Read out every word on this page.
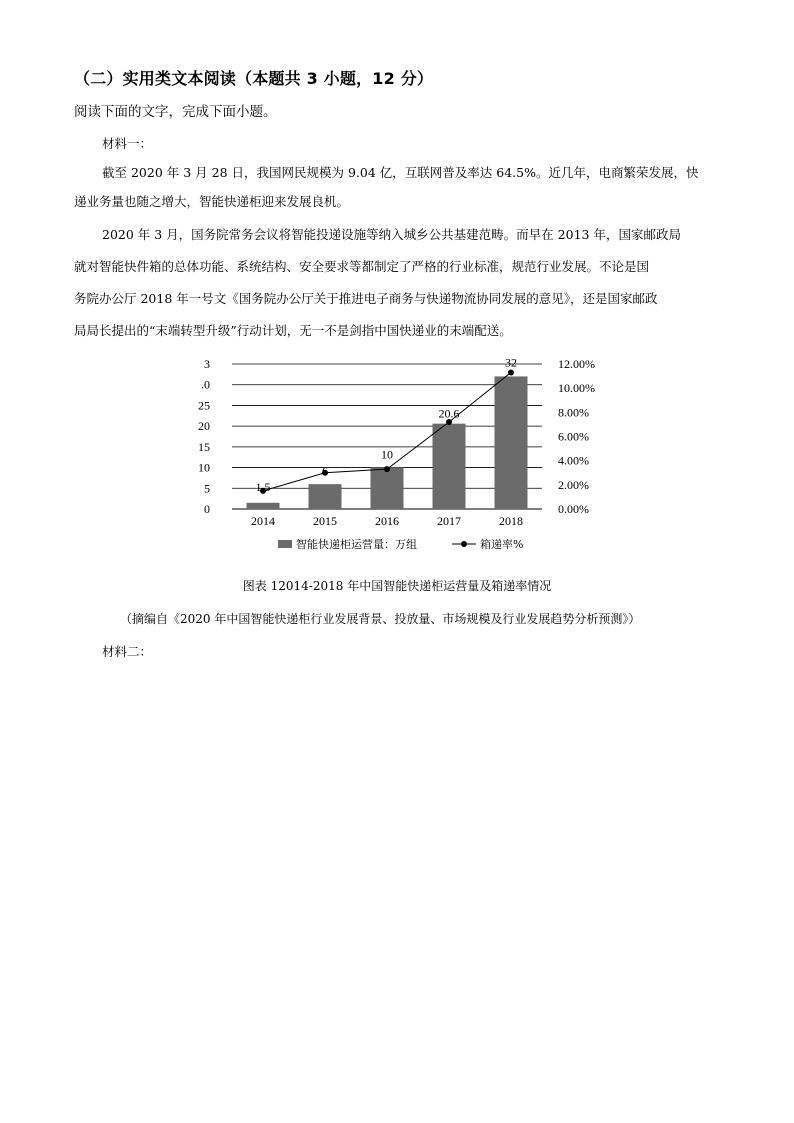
（二）实用类文本阅读（本题共 3 小题，12 分）
阅读下面的文字，完成下面小题。
材料一：
截至 2020 年 3 月 28 日，我国网民规模为 9.04 亿，互联网普及率达 64.5%。近几年，电商繁荣发展，快
递业务量也随之增大，智能快递柜迎来发展良机。
2020 年 3 月，国务院常务会议将智能投递设施等纳入城乡公共基建范畴。而早在 2013 年，国家邮政局
就对智能快件箱的总体功能、系统结构、安全要求等都制定了严格的行业标准，规范行业发展。不论是国
务院办公厅 2018 年一号文《国务院办公厅关于推进电子商务与快递物流协同发展的意见》，还是国家邮政
局局长提出的“末端转型升级”行动计划，无一不是剑指中国快递业的末端配送。
0
5
10
15
20
25
.0
3
0.00%
2.00%
4.00%
6.00%
8.00%
10.00%
12.00%
2014
1.5
2015
6
2016
10
2017
20.6
2018
32
智能快递柜运营量：万组	箱递率%
图表 12014-2018 年中国智能快递柜运营量及箱递率情况
（摘编自《2020 年中国智能快递柜行业发展背景、投放量、市场规模及行业发展趋势分析预测》）
材料二：
